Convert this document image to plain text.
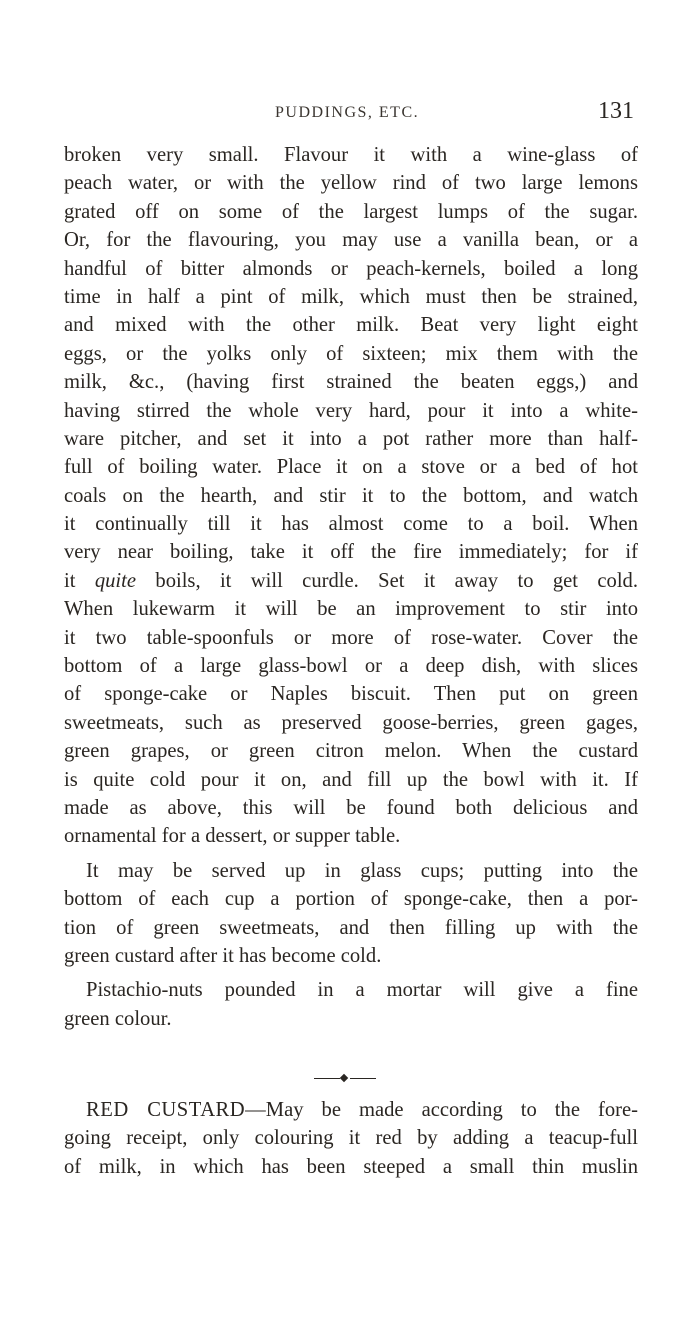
PUDDINGS, ETC.	131
broken very small. Flavour it with a wine-glass of
peach water, or with the yellow rind of two large lemons
grated off on some of the largest lumps of the sugar.
Or, for the flavouring, you may use a vanilla bean, or a
handful of bitter almonds or peach-kernels, boiled a long
time in half a pint of milk, which must then be strained,
and mixed with the other milk. Beat very light eight
eggs, or the yolks only of sixteen; mix them with the
milk, &c., (having first strained the beaten eggs,) and
having stirred the whole very hard, pour it into a white-
ware pitcher, and set it into a pot rather more than half-
full of boiling water. Place it on a stove or a bed of hot
coals on the hearth, and stir it to the bottom, and watch
it continually till it has almost come to a boil. When
very near boiling, take it off the fire immediately; for if
it quite boils, it will curdle. Set it away to get cold.
When lukewarm it will be an improvement to stir into
it two table-spoonfuls or more of rose-water. Cover the
bottom of a large glass-bowl or a deep dish, with slices
of sponge-cake or Naples biscuit. Then put on green
sweetmeats, such as preserved goose-berries, green gages,
green grapes, or green citron melon. When the custard
is quite cold pour it on, and fill up the bowl with it. If
made as above, this will be found both delicious and
ornamental for a dessert, or supper table.
It may be served up in glass cups; putting into the
bottom of each cup a portion of sponge-cake, then a por-
tion of green sweetmeats, and then filling up with the
green custard after it has become cold.
Pistachio-nuts pounded in a mortar will give a fine
green colour.
RED CUSTARD—May be made according to the fore-
going receipt, only colouring it red by adding a teacup-full
of milk, in which has been steeped a small thin muslin
